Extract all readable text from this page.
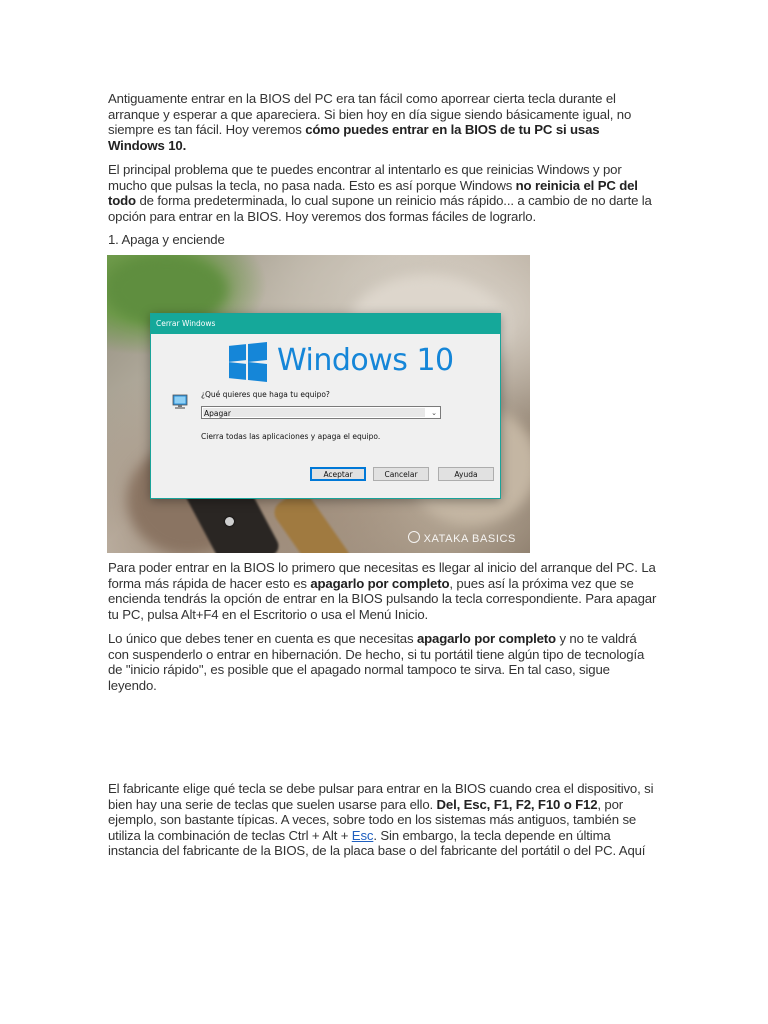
Antiguamente entrar en la BIOS del PC era tan fácil como aporrear cierta tecla durante el arranque y esperar a que apareciera. Si bien hoy en día sigue siendo básicamente igual, no siempre es tan fácil. Hoy veremos cómo puedes entrar en la BIOS de tu PC si usas Windows 10.

El principal problema que te puedes encontrar al intentarlo es que reinicias Windows y por mucho que pulsas la tecla, no pasa nada. Esto es así porque Windows no reinicia el PC del todo de forma predeterminada, lo cual supone un reinicio más rápido... a cambio de no darte la opción para entrar en la BIOS. Hoy veremos dos formas fáciles de lograrlo.

1. Apaga y enciende

Cerrar Windows
Windows 10
¿Qué quieres que haga tu equipo?
Apagar	⌄
Cierra todas las aplicaciones y apaga el equipo.
Aceptar	Cancelar	Ayuda
XATAKA BASICS

Para poder entrar en la BIOS lo primero que necesitas es llegar al inicio del arranque del PC. La forma más rápida de hacer esto es apagarlo por completo, pues así la próxima vez que se encienda tendrás la opción de entrar en la BIOS pulsando la tecla correspondiente. Para apagar tu PC, pulsa Alt+F4 en el Escritorio o usa el Menú Inicio.

Lo único que debes tener en cuenta es que necesitas apagarlo por completo y no te valdrá con suspenderlo o entrar en hibernación. De hecho, si tu portátil tiene algún tipo de tecnología de "inicio rápido", es posible que el apagado normal tampoco te sirva. En tal caso, sigue leyendo.

El fabricante elige qué tecla se debe pulsar para entrar en la BIOS cuando crea el dispositivo, si bien hay una serie de teclas que suelen usarse para ello. Del, Esc, F1, F2, F10 o F12, por ejemplo, son bastante típicas. A veces, sobre todo en los sistemas más antiguos, también se utiliza la combinación de teclas Ctrl + Alt + Esc. Sin embargo, la tecla depende en última instancia del fabricante de la BIOS, de la placa base o del fabricante del portátil o del PC. Aquí
